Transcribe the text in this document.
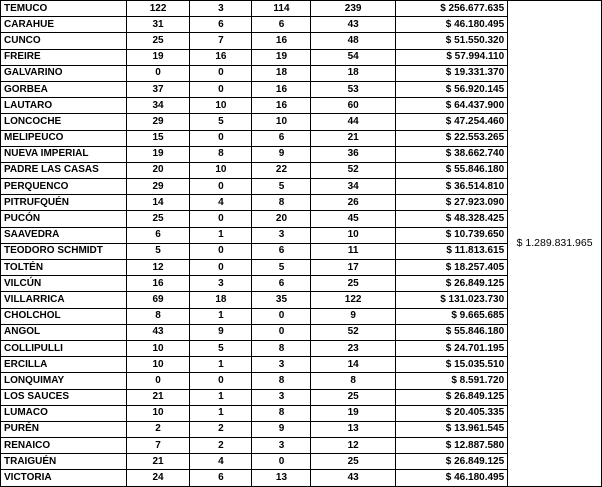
TEMUCO	122	3	114	239	$ 256.677.635	$ 1.289.831.965
CARAHUE	31	6	6	43	$ 46.180.495	
CUNCO	25	7	16	48	$ 51.550.320	
FREIRE	19	16	19	54	$ 57.994.110	
GALVARINO	0	0	18	18	$ 19.331.370	
GORBEA	37	0	16	53	$ 56.920.145	
LAUTARO	34	10	16	60	$ 64.437.900	
LONCOCHE	29	5	10	44	$ 47.254.460	
MELIPEUCO	15	0	6	21	$ 22.553.265	
NUEVA IMPERIAL	19	8	9	36	$ 38.662.740	
PADRE LAS CASAS	20	10	22	52	$ 55.846.180	
PERQUENCO	29	0	5	34	$ 36.514.810	
PITRUFQUÉN	14	4	8	26	$ 27.923.090	
PUCÓN	25	0	20	45	$ 48.328.425	
SAAVEDRA	6	1	3	10	$ 10.739.650	
TEODORO SCHMIDT	5	0	6	11	$ 11.813.615	
TOLTÉN	12	0	5	17	$ 18.257.405	
VILCÚN	16	3	6	25	$ 26.849.125	
VILLARRICA	69	18	35	122	$ 131.023.730	
CHOLCHOL	8	1	0	9	$ 9.665.685	
ANGOL	43	9	0	52	$ 55.846.180	
COLLIPULLI	10	5	8	23	$ 24.701.195	
ERCILLA	10	1	3	14	$ 15.035.510	
LONQUIMAY	0	0	8	8	$ 8.591.720	
LOS SAUCES	21	1	3	25	$ 26.849.125	
LUMACO	10	1	8	19	$ 20.405.335	
PURÉN	2	2	9	13	$ 13.961.545	
RENAICO	7	2	3	12	$ 12.887.580	
TRAIGUÉN	21	4	0	25	$ 26.849.125	
VICTORIA	24	6	13	43	$ 46.180.495	
